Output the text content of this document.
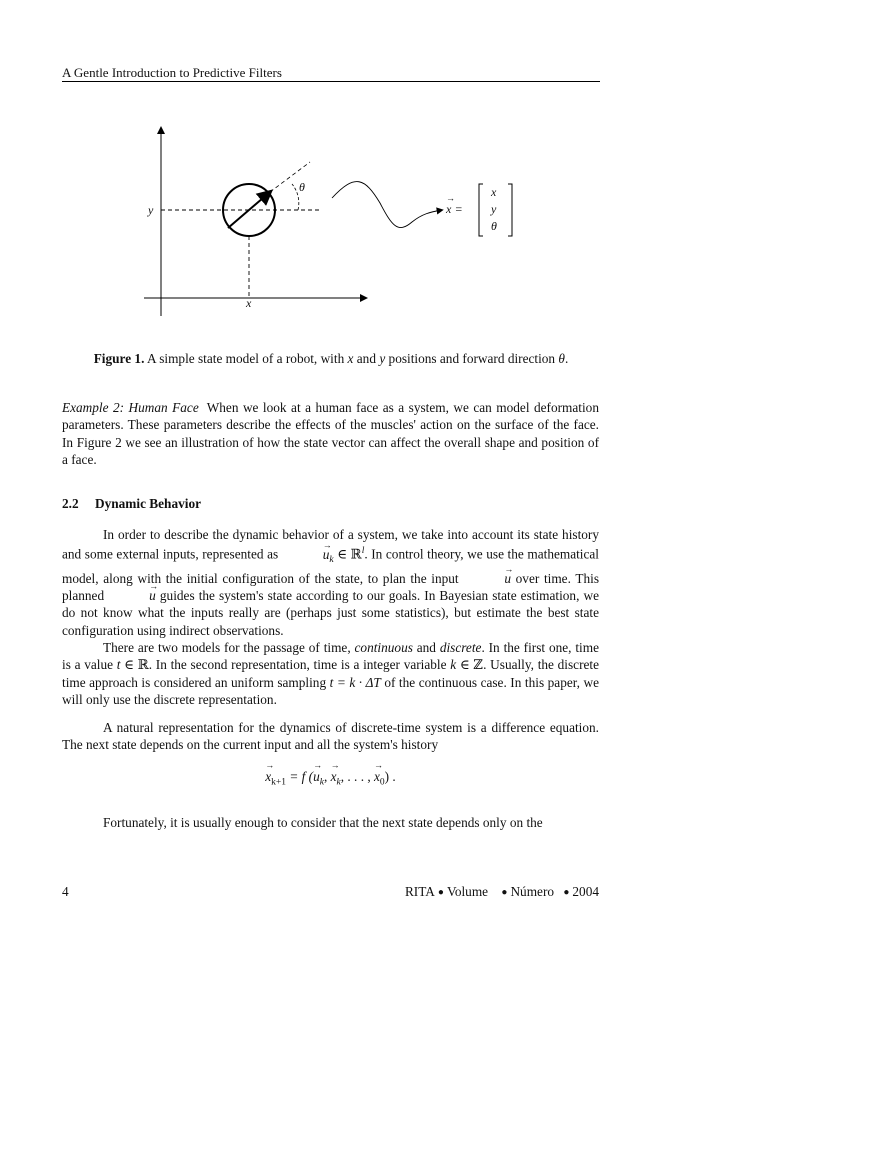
A Gentle Introduction to Predictive Filters
y
x
θ
→ x =
x
y
θ
Figure 1. A simple state model of a robot, with x and y positions and forward direction θ.
Example 2: Human Face When we look at a human face as a system, we can model deformation parameters. These parameters describe the effects of the muscles' action on the surface of the face. In Figure 2 we see an illustration of how the state vector can affect the overall shape and position of a face.
2.2 Dynamic Behavior
In order to describe the dynamic behavior of a system, we take into account its state history and some external inputs, represented as	→ $u_k$ ∈ ℝ$^l$. In control theory, we use the mathematical model, along with the initial configuration of the state, to plan the input	→ u over time. This planned	→ u guides the system's state according to our goals. In Bayesian state estimation, we do not know what the inputs really are (perhaps just some statistics), but estimate the best state configuration using indirect observations.
There are two models for the passage of time, continuous and discrete. In the first one, time is a value t ∈ ℝ. In the second representation, time is a integer variable k ∈ ℤ. Usually, the discrete time approach is considered an uniform sampling t = k · ΔT of the continuous case. In this paper, we will only use the discrete representation.
A natural representation for the dynamics of discrete-time system is a difference equation. The next state depends on the current input and all the system's history
→ $x_{k+1} = f$ (→ $u_k$, → $x_k$, . . . , → $x_0$) .
Fortunately, it is usually enough to consider that the next state depends only on the
4	RITA ● Volume ● Número ● 2004
